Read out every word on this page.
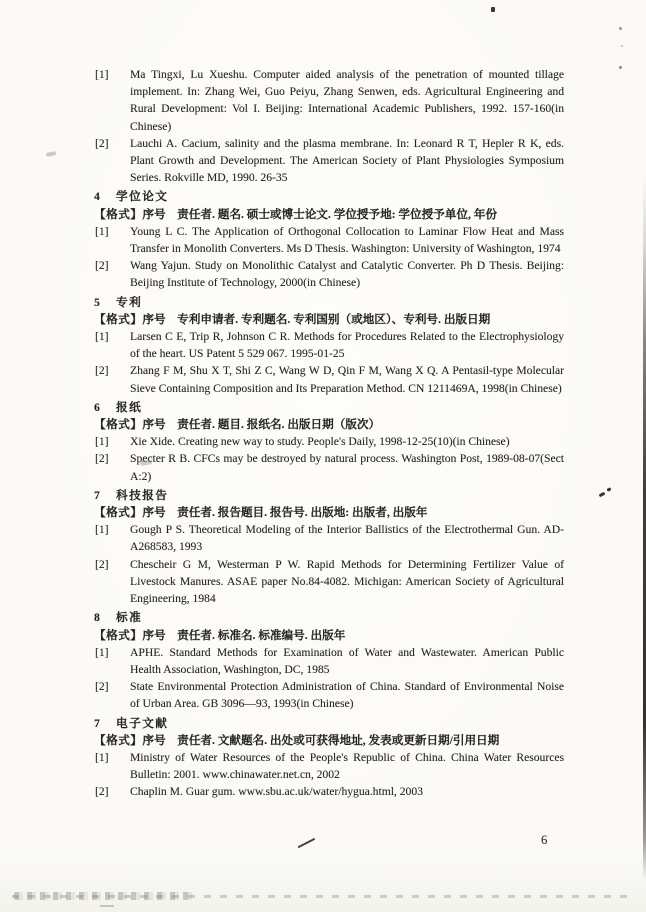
[1] Ma Tingxi, Lu Xueshu. Computer aided analysis of the penetration of mounted tillage implement. In: Zhang Wei, Guo Peiyu, Zhang Senwen, eds. Agricultural Engineering and Rural Development: Vol I. Beijing: International Academic Publishers, 1992. 157-160(in Chinese)
[2] Lauchi A. Cacium, salinity and the plasma membrane. In: Leonard R T, Hepler R K, eds. Plant Growth and Development. The American Society of Plant Physiologies Symposium Series. Rokville MD, 1990. 26-35
4 学位论文
【格式】序号　责任者. 题名. 硕士或博士论文. 学位授予地: 学位授予单位, 年份
[1] Young L C. The Application of Orthogonal Collocation to Laminar Flow Heat and Mass Transfer in Monolith Converters. Ms D Thesis. Washington: University of Washington, 1974
[2] Wang Yajun. Study on Monolithic Catalyst and Catalytic Converter. Ph D Thesis. Beijing: Beijing Institute of Technology, 2000(in Chinese)
5 专利
【格式】序号　专利申请者. 专利题名. 专利国别（或地区）、专利号. 出版日期
[1] Larsen C E, Trip R, Johnson C R. Methods for Procedures Related to the Electrophysiology of the heart. US Patent 5 529 067. 1995-01-25
[2] Zhang F M, Shu X T, Shi Z C, Wang W D, Qin F M, Wang X Q. A Pentasil-type Molecular Sieve Containing Composition and Its Preparation Method. CN 1211469A, 1998(in Chinese)
6 报纸
【格式】序号　责任者. 题目. 报纸名. 出版日期（版次）
[1] Xie Xide. Creating new way to study. People's Daily, 1998-12-25(10)(in Chinese)
[2] Specter R B. CFCs may be destroyed by natural process. Washington Post, 1989-08-07(Sect A:2)
7 科技报告
【格式】序号　责任者. 报告题目. 报告号. 出版地: 出版者, 出版年
[1] Gough P S. Theoretical Modeling of the Interior Ballistics of the Electrothermal Gun. AD-A268583, 1993
[2] Chescheir G M, Westerman P W. Rapid Methods for Determining Fertilizer Value of Livestock Manures. ASAE paper No.84-4082. Michigan: American Society of Agricultural Engineering, 1984
8 标准
【格式】序号　责任者. 标准名. 标准编号. 出版年
[1] APHE. Standard Methods for Examination of Water and Wastewater. American Public Health Association, Washington, DC, 1985
[2] State Environmental Protection Administration of China. Standard of Environmental Noise of Urban Area. GB 3096—93, 1993(in Chinese)
7 电子文献
【格式】序号　责任者. 文献题名. 出处或可获得地址, 发表或更新日期/引用日期
[1] Ministry of Water Resources of the People's Republic of China. China Water Resources Bulletin: 2001. www.chinawater.net.cn, 2002
[2] Chaplin M. Guar gum. www.sbu.ac.uk/water/hygua.html, 2003
6
